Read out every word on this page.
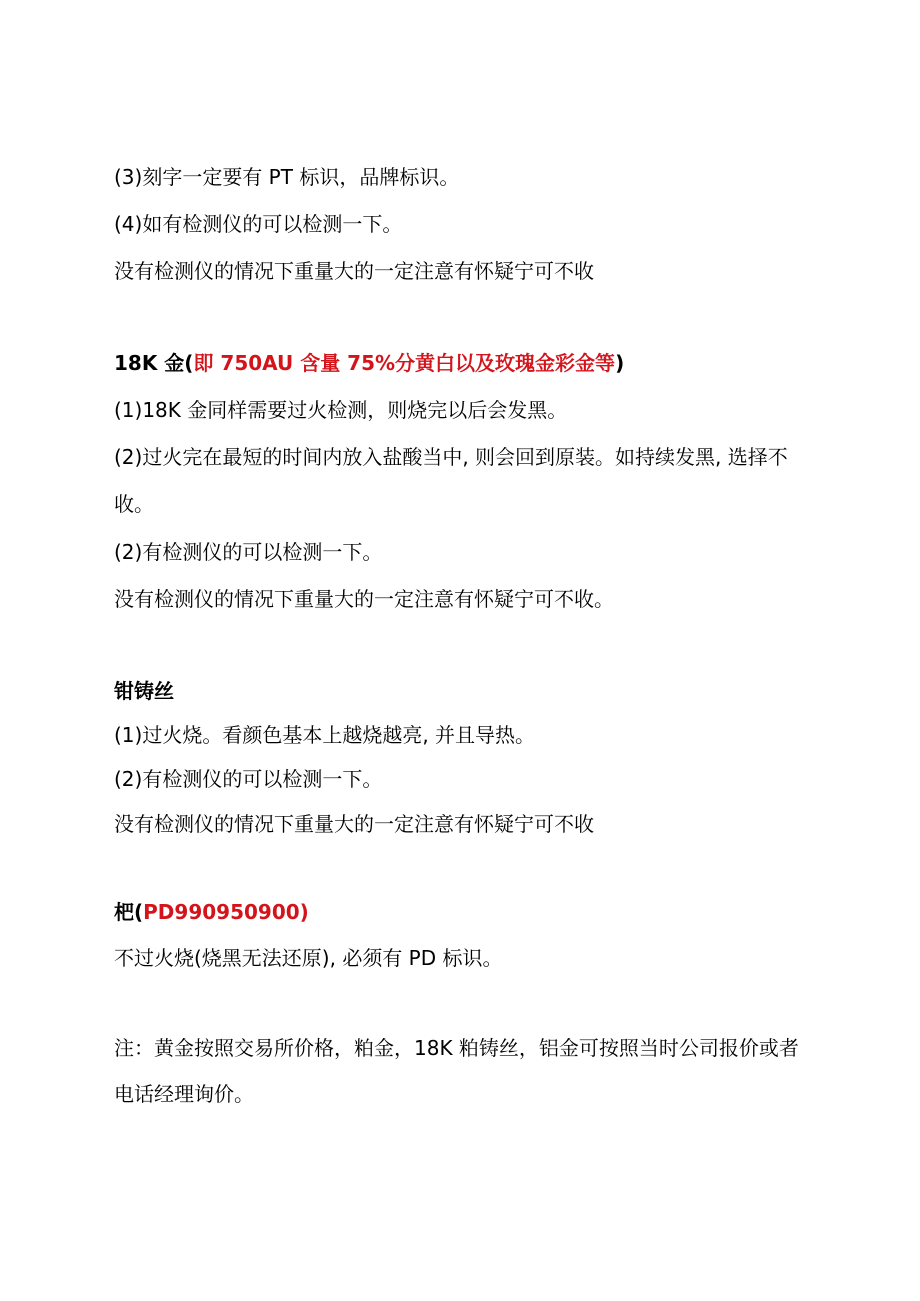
(3)刻字一定要有 PT 标识，品牌标识。
(4)如有检测仪的可以检测一下。
没有检测仪的情况下重量大的一定注意有怀疑宁可不收
18K 金(即 750AU 含量 75%分黄白以及玫瑰金彩金等)
(1)18K 金同样需要过火检测，则烧完以后会发黑。
(2)过火完在最短的时间内放入盐酸当中, 则会回到原装。如持续发黑, 选择不
收。
(2)有检测仪的可以检测一下。
没有检测仪的情况下重量大的一定注意有怀疑宁可不收。
钳铸丝
(1)过火烧。看颜色基本上越烧越亮, 并且导热。
(2)有检测仪的可以检测一下。
没有检测仪的情况下重量大的一定注意有怀疑宁可不收
杷(PD990950900)
不过火烧(烧黑无法还原), 必须有 PD 标识。
注：黄金按照交易所价格，粕金，18K 粕铸丝，铝金可按照当时公司报价或者
电话经理询价。
